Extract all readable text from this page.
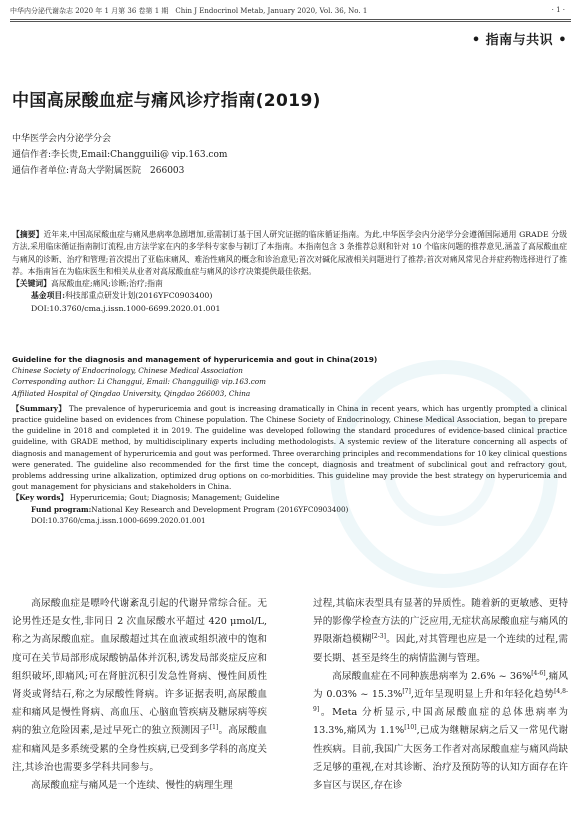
中华内分泌代谢杂志 2020 年 1 月第 36 卷第 1 期　Chin J Endocrinol Metab, January 2020, Vol. 36, No. 1	· 1 ·
• 指南与共识 •
中国高尿酸血症与痛风诊疗指南(2019)
中华医学会内分泌学分会
通信作者:李长贵,Email:Changguili@ vip.163.com
通信作者单位:青岛大学附属医院　266003

【摘要】近年来,中国高尿酸血症与痛风患病率急剧增加,亟需制订基于国人研究证据的临床循证指南。为此,中华医学会内分泌学分会遵循国际通用 GRADE 分级方法,采用临床循证指南制订流程,由方法学家在内的多学科专家参与制订了本指南。本指南包含 3 条推荐总则和针对 10 个临床问题的推荐意见,涵盖了高尿酸血症与痛风的诊断、治疗和管理;首次提出了亚临床痛风、难治性痛风的概念和诊治意见;首次对碱化尿液相关问题进行了推荐;首次对痛风常见合并症药物选择进行了推荐。本指南旨在为临床医生和相关从业者对高尿酸血症与痛风的诊疗决策提供最佳依据。

【关键词】高尿酸血症;痛风;诊断;治疗;指南

基金项目:科技部重点研发计划(2016YFC0903400)

DOI:10.3760/cma.j.issn.1000-6699.2020.01.001

Guideline for the diagnosis and management of hyperuricemia and gout in China(2019)

Chinese Society of Endocrinology, Chinese Medical Association

Corresponding author: Li Changgui, Email: Changguili@ vip.163.com

Affiliated Hospital of Qingdao University, Qingdao 266003, China

【Summary】 The prevalence of hyperuricemia and gout is increasing dramatically in China in recent years, which has urgently prompted a clinical practice guideline based on evidences from Chinese population. The Chinese Society of Endocrinology, Chinese Medical Association, began to prepare the guideline in 2018 and completed it in 2019. The guideline was developed following the standard procedures of evidence-based clinical practice guideline, with GRADE method, by multidisciplinary experts including methodologists. A systemic review of the literature concerning all aspects of diagnosis and management of hyperuricemia and gout was performed. Three overarching principles and recommendations for 10 key clinical questions were generated. The guideline also recommended for the first time the concept, diagnosis and treatment of subclinical gout and refractory gout, problems addressing urine alkalization, optimized drug options on co-morbidities. This guideline may provide the best strategy on hyperuricemia and gout management for physicians and stakeholders in China.

【Key words】 Hyperuricemia; Gout; Diagnosis; Management; Guideline

Fund program:National Key Research and Development Program (2016YFC0903400)

DOI:10.3760/cma.j.issn.1000-6699.2020.01.001

高尿酸血症是嘌呤代谢紊乱引起的代谢异常综合征。无论男性还是女性,非同日 2 次血尿酸水平超过 420 μmol/L,称之为高尿酸血症。血尿酸超过其在血液或组织液中的饱和度可在关节局部形成尿酸钠晶体并沉积,诱发局部炎症反应和组织破坏,即痛风;可在肾脏沉积引发急性肾病、慢性间质性肾炎或肾结石,称之为尿酸性肾病。许多证据表明,高尿酸血症和痛风是慢性肾病、高血压、心脑血管疾病及糖尿病等疾病的独立危险因素,是过早死亡的独立预测因子[1]。高尿酸血症和痛风是多系统受累的全身性疾病,已受到多学科的高度关注,其诊治也需要多学科共同参与。

高尿酸血症与痛风是一个连续、慢性的病理生理

过程,其临床表型具有显著的异质性。随着新的更敏感、更特异的影像学检查方法的广泛应用,无症状高尿酸血症与痛风的界限渐趋模糊[2-3]。因此,对其管理也应是一个连续的过程,需要长期、甚至是终生的病情监测与管理。

高尿酸血症在不同种族患病率为 2.6% ~ 36%[4-6],痛风为 0.03% ~ 15.3%[7],近年呈现明显上升和年轻化趋势[4,8-9]。Meta 分析显示,中国高尿酸血症的总体患病率为 13.3%,痛风为 1.1%[10],已成为继糖尿病之后又一常见代谢性疾病。目前,我国广大医务工作者对高尿酸血症与痛风尚缺乏足够的重视,在对其诊断、治疗及预防等的认知方面存在许多盲区与误区,存在诊
